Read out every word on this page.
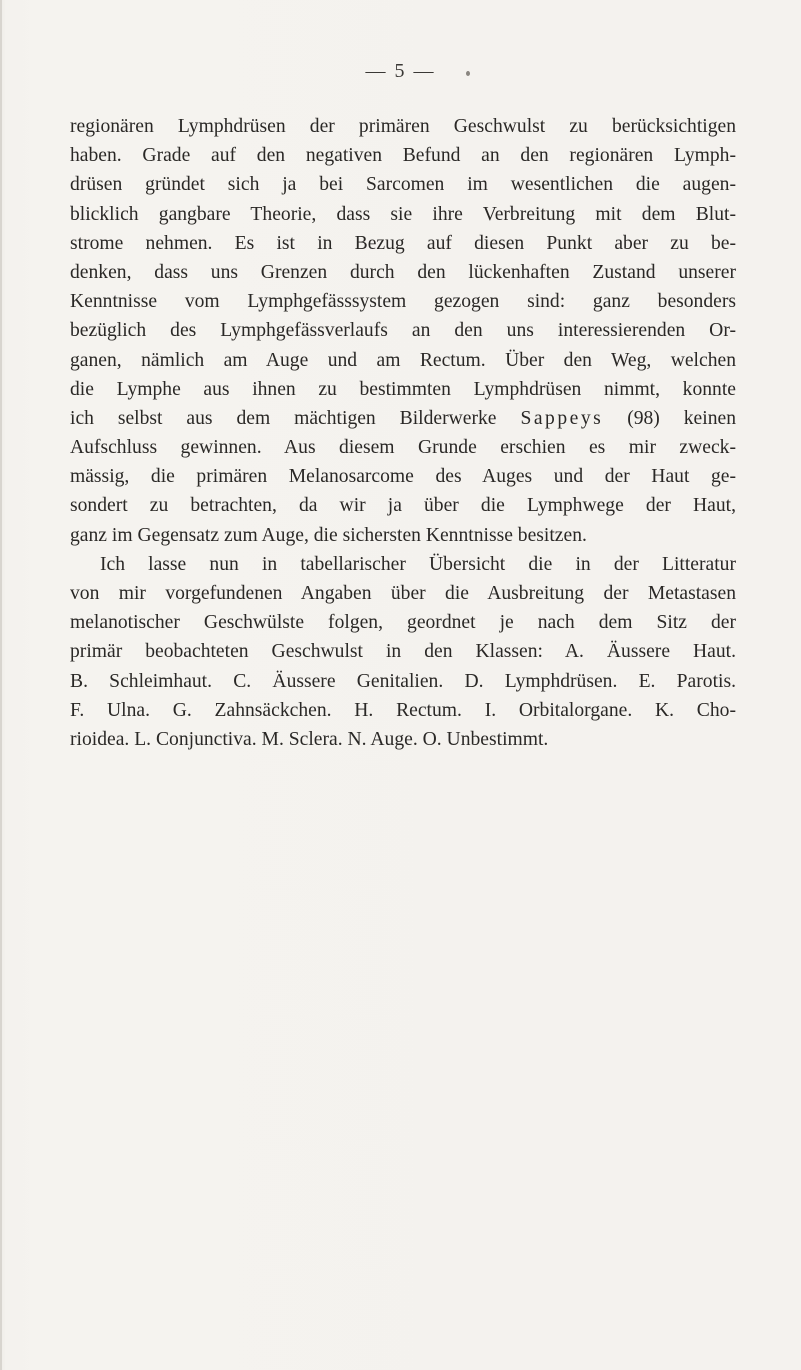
— 5 —
regionären Lymphdrüsen der primären Geschwulst zu berücksichtigen
haben. Grade auf den negativen Befund an den regionären Lymph-
drüsen gründet sich ja bei Sarcomen im wesentlichen die augen-
blicklich gangbare Theorie, dass sie ihre Verbreitung mit dem Blut-
strome nehmen. Es ist in Bezug auf diesen Punkt aber zu be-
denken, dass uns Grenzen durch den lückenhaften Zustand unserer
Kenntnisse vom Lymphgefässsystem gezogen sind: ganz besonders
bezüglich des Lymphgefässverlaufs an den uns interessierenden Or-
ganen, nämlich am Auge und am Rectum. Über den Weg, welchen
die Lymphe aus ihnen zu bestimmten Lymphdrüsen nimmt, konnte
ich selbst aus dem mächtigen Bilderwerke Sappeys (98) keinen
Aufschluss gewinnen. Aus diesem Grunde erschien es mir zweck-
mässig, die primären Melanosarcome des Auges und der Haut ge-
sondert zu betrachten, da wir ja über die Lymphwege der Haut,
ganz im Gegensatz zum Auge, die sichersten Kenntnisse besitzen.
Ich lasse nun in tabellarischer Übersicht die in der Litteratur
von mir vorgefundenen Angaben über die Ausbreitung der Metastasen
melanotischer Geschwülste folgen, geordnet je nach dem Sitz der
primär beobachteten Geschwulst in den Klassen: A. Äussere Haut.
B. Schleimhaut. C. Äussere Genitalien. D. Lymphdrüsen. E. Parotis.
F. Ulna. G. Zahnsäckchen. H. Rectum. I. Orbitalorgane. K. Cho-
rioidea. L. Conjunctiva. M. Sclera. N. Auge. O. Unbestimmt.
